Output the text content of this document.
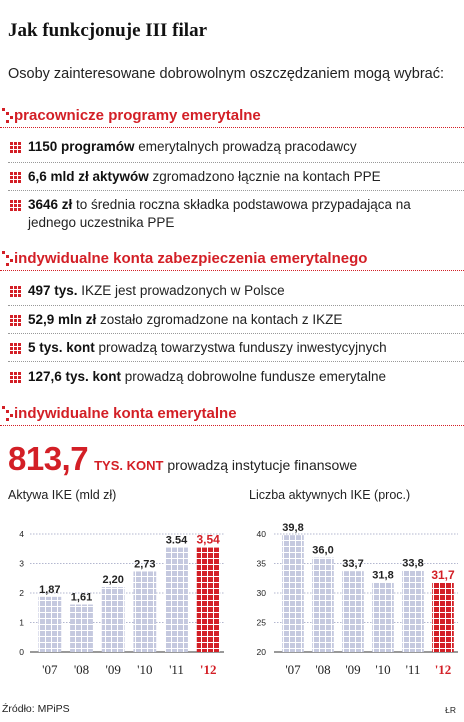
Jak funkcjonuje III filar
Osoby zainteresowane dobrowolnym oszczędzaniem mogą wybrać:
pracownicze programy emerytalne
1150 programów emerytalnych prowadzą pracodawcy
6,6 mld zł aktywów zgromadzono łącznie na kontach PPE
3646 zł to średnia roczna składka podstawowa przypadająca na jednego uczestnika PPE
indywidualne konta zabezpieczenia emerytalnego
497 tys. IKZE jest prowadzonych w Polsce
52,9 mln zł zostało zgromadzone na kontach z IKZE
5 tys. kont prowadzą towarzystwa funduszy inwestycyjnych
127,6 tys. kont prowadzą dobrowolne fundusze emerytalne
indywidualne konta emerytalne
813,7 TYS. KONT prowadzą instytucje finansowe
Aktywa IKE (mld zł)	Liczba aktywnych IKE (proc.)
0
1
2
3
4
1,87
'07
1,61
'08
2,20
'09
2,73
'10
3.54
'11
3,54
'12
20
25
30
35
40 39,8
'07
36,0
'08
33,7
'09
31,8
'10
33,8
'11
31,7
'12
Źródło: MPiPS	ŁR
